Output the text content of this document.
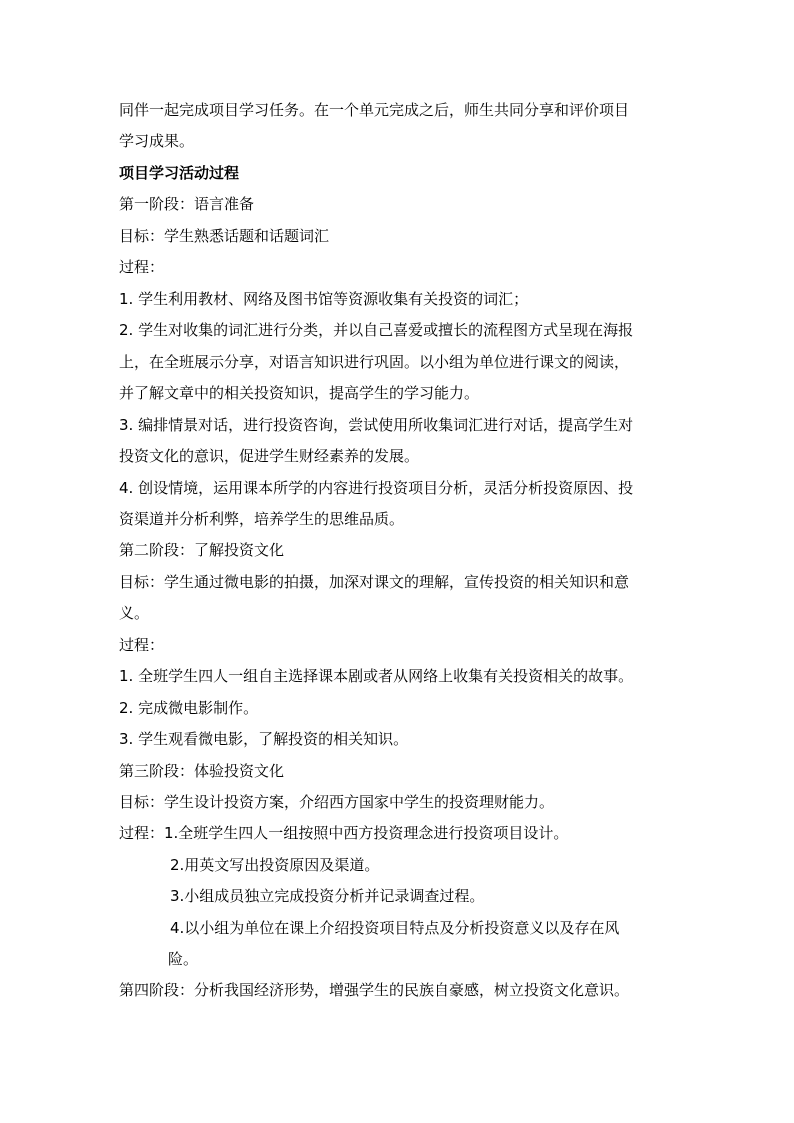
同伴一起完成项目学习任务。在一个单元完成之后，师生共同分享和评价项目
学习成果。
项目学习活动过程
第一阶段：语言准备
目标：学生熟悉话题和话题词汇
过程：
1. 学生利用教材、网络及图书馆等资源收集有关投资的词汇；
2. 学生对收集的词汇进行分类，并以自己喜爱或擅长的流程图方式呈现在海报
上，在全班展示分享，对语言知识进行巩固。以小组为单位进行课文的阅读，
并了解文章中的相关投资知识，提高学生的学习能力。
3. 编排情景对话，进行投资咨询，尝试使用所收集词汇进行对话，提高学生对
投资文化的意识，促进学生财经素养的发展。
4. 创设情境，运用课本所学的内容进行投资项目分析，灵活分析投资原因、投
资渠道并分析利弊，培养学生的思维品质。
第二阶段：了解投资文化
目标：学生通过微电影的拍摄，加深对课文的理解，宣传投资的相关知识和意
义。
过程：
1. 全班学生四人一组自主选择课本剧或者从网络上收集有关投资相关的故事。
2. 完成微电影制作。
3. 学生观看微电影，了解投资的相关知识。
第三阶段：体验投资文化
目标：学生设计投资方案，介绍西方国家中学生的投资理财能力。
过程：1.全班学生四人一组按照中西方投资理念进行投资项目设计。
2.用英文写出投资原因及渠道。
3.小组成员独立完成投资分析并记录调查过程。
4.以小组为单位在课上介绍投资项目特点及分析投资意义以及存在风
险。
第四阶段：分析我国经济形势，增强学生的民族自豪感，树立投资文化意识。
